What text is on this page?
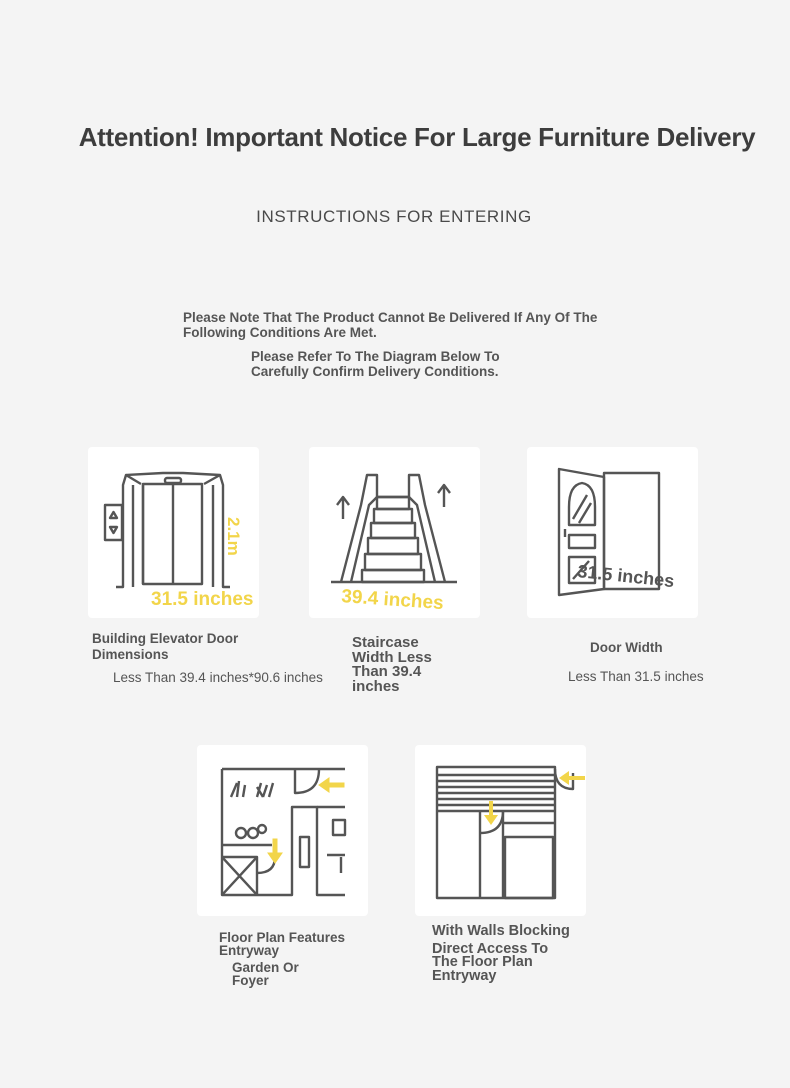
Attention! Important Notice For Large Furniture Delivery
INSTRUCTIONS FOR ENTERING
Please Note That The Product Cannot Be Delivered If Any Of The
Following Conditions Are Met.
Please Refer To The Diagram Below To
Carefully Confirm Delivery Conditions.
2.1m
31.5 inches	39.4 inches
31.5 inches
Building Elevator Door
Dimensions
Less Than 39.4 inches*90.6 inches
Staircase
Width Less
Than 39.4
inches
Door Width
Less Than 31.5 inches
Floor Plan Features
Entryway
Garden Or
Foyer
With Walls Blocking
Direct Access To
The Floor Plan
Entryway
